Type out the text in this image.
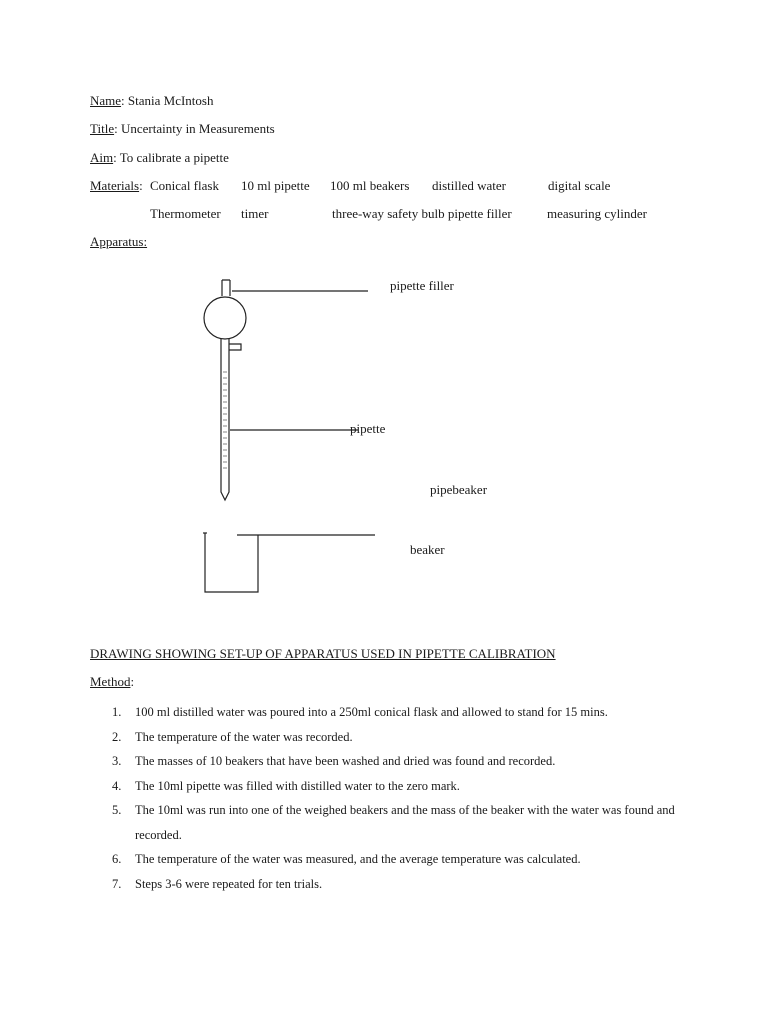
Name: Stania McIntosh
Title: Uncertainty in Measurements
Aim: To calibrate a pipette
Materials: Conical flask 10 ml pipette 100 ml beakers distilled water	digital scale
Thermometer timer	three-way safety bulb pipette filler	measuring cylinder
Apparatus:
pipette filler
pipette
pipebeaker
beaker
DRAWING SHOWING SET-UP OF APPARATUS USED IN PIPETTE CALIBRATION
Method:
1. 100 ml distilled water was poured into a 250ml conical flask and allowed to stand for 15 mins.
2. The temperature of the water was recorded.
3. The masses of 10 beakers that have been washed and dried was found and recorded.
4. The 10ml pipette was filled with distilled water to the zero mark.
5. The 10ml was run into one of the weighed beakers and the mass of the beaker with the water was found and recorded.
6. The temperature of the water was measured, and the average temperature was calculated.
7. Steps 3-6 were repeated for ten trials.
